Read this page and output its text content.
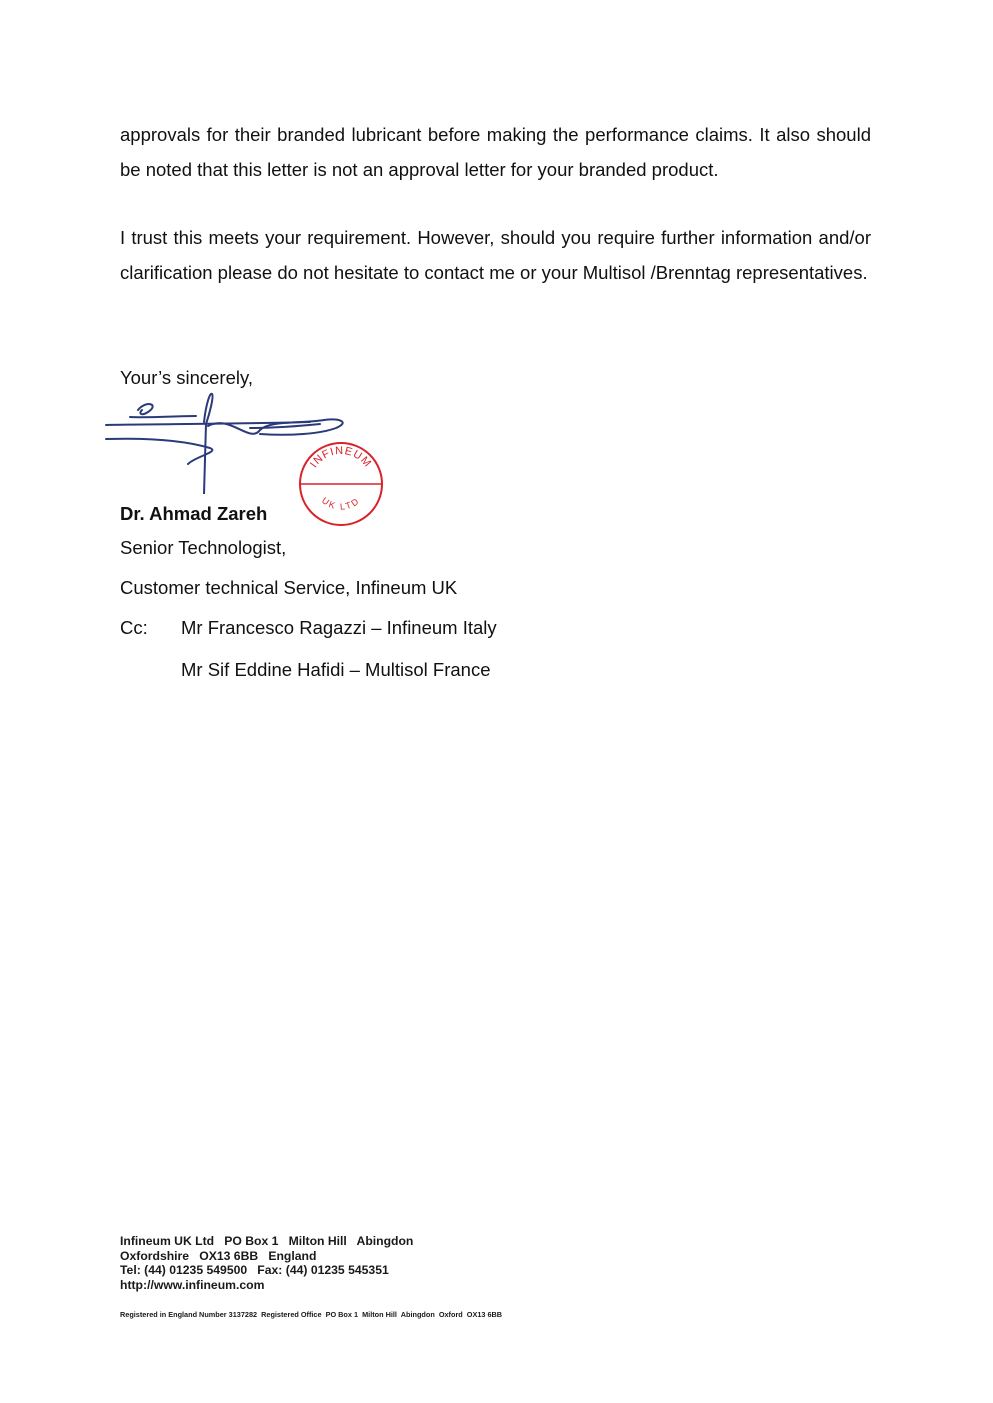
approvals for their branded lubricant before making the performance claims. It also should be noted that this letter is not an approval letter for your branded product.

I trust this meets your requirement. However, should you require further information and/or clarification please do not hesitate to contact me or your Multisol /Brenntag representatives.

Your’s sincerely,
INFINEUM
UK LTD
Dr. Ahmad Zareh
Senior Technologist,
Customer technical Service, Infineum UK
Cc: Mr Francesco Ragazzi – Infineum Italy
Mr Sif Eddine Hafidi – Multisol France
Infineum UK Ltd   PO Box 1   Milton Hill   Abingdon
Oxfordshire   OX13 6BB   England
Tel: (44) 01235 549500   Fax: (44) 01235 545351
http://www.infineum.com
Registered in England Number 3137282  Registered Office  PO Box 1  Milton Hill  Abingdon  Oxford  OX13 6BB
